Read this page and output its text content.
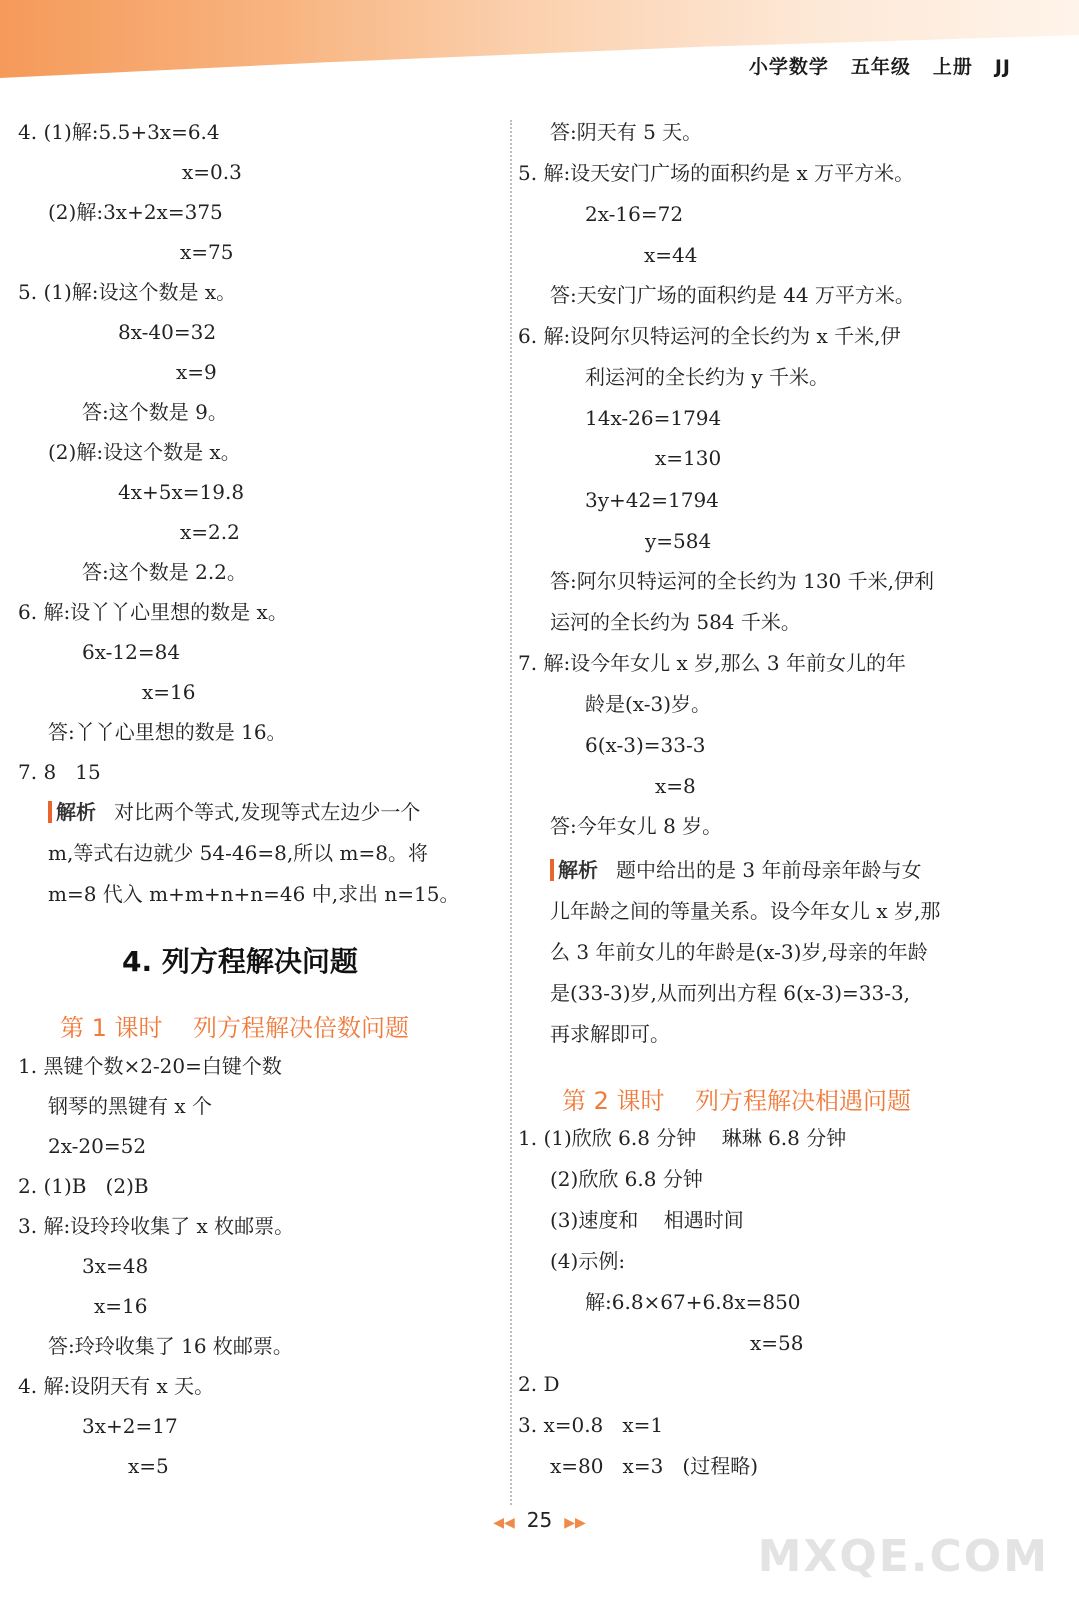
小学数学 五年级 上册 JJ
4. (1)解:5.5+3x=6.4
x=0.3
(2)解:3x+2x=375
x=75
5. (1)解:设这个数是 x。
8x-40=32
x=9
答:这个数是 9。
(2)解:设这个数是 x。
4x+5x=19.8
x=2.2
答:这个数是 2.2。
6. 解:设丫丫心里想的数是 x。
6x-12=84
x=16
答:丫丫心里想的数是 16。
7. 8   15
解析 对比两个等式,发现等式左边少一个
m,等式右边就少 54-46=8,所以 m=8。将
m=8 代入 m+m+n+n=46 中,求出 n=15。
4. 列方程解决问题
第 1 课时    列方程解决倍数问题
1. 黑键个数×2-20=白键个数
钢琴的黑键有 x 个
2x-20=52
2. (1)B   (2)B
3. 解:设玲玲收集了 x 枚邮票。
3x=48
x=16
答:玲玲收集了 16 枚邮票。
4. 解:设阴天有 x 天。
3x+2=17
x=5
答:阴天有 5 天。
5. 解:设天安门广场的面积约是 x 万平方米。
2x-16=72
x=44
答:天安门广场的面积约是 44 万平方米。
6. 解:设阿尔贝特运河的全长约为 x 千米,伊
利运河的全长约为 y 千米。
14x-26=1794
x=130
3y+42=1794
y=584
答:阿尔贝特运河的全长约为 130 千米,伊利
运河的全长约为 584 千米。
7. 解:设今年女儿 x 岁,那么 3 年前女儿的年
龄是(x-3)岁。
6(x-3)=33-3
x=8
答:今年女儿 8 岁。
解析 题中给出的是 3 年前母亲年龄与女
儿年龄之间的等量关系。设今年女儿 x 岁,那
么 3 年前女儿的年龄是(x-3)岁,母亲的年龄
是(33-3)岁,从而列出方程 6(x-3)=33-3,
再求解即可。
第 2 课时    列方程解决相遇问题
1. (1)欣欣 6.8 分钟    琳琳 6.8 分钟
(2)欣欣 6.8 分钟
(3)速度和    相遇时间
(4)示例:
解:6.8×67+6.8x=850
x=58
2. D
3. x=0.8   x=1
x=80   x=3   (过程略)
◀◀ 25 ▶▶
MXQE.COM
